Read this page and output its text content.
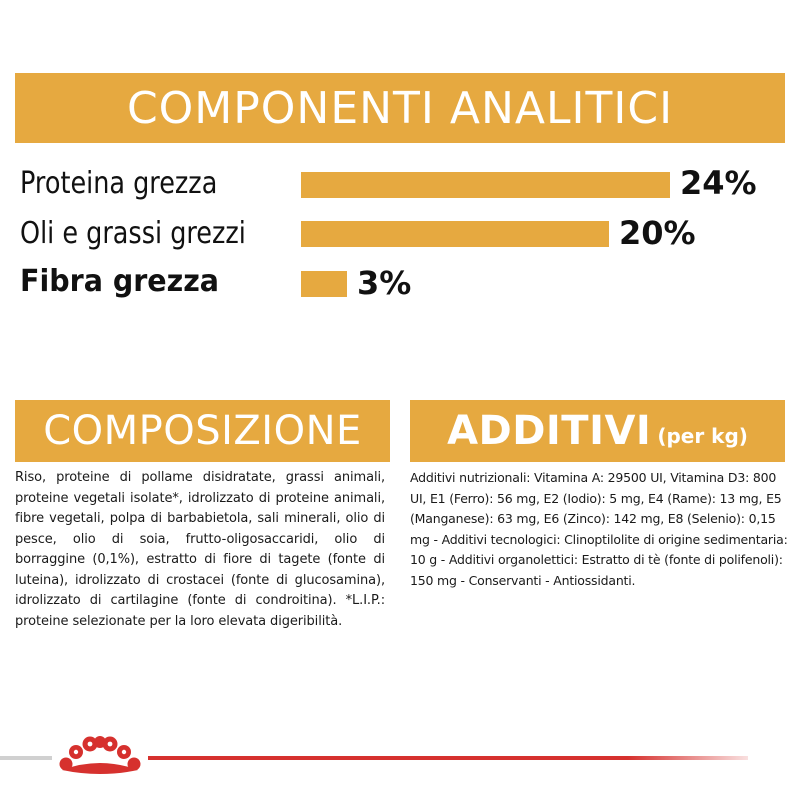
COMPONENTI ANALITICI
Proteina grezza	24%
Oli e grassi grezzi	20%
Fibra grezza	3%
COMPOSIZIONE
Riso, proteine di pollame disidratate, grassi animali, proteine vegetali isolate*, idrolizzato di proteine animali, fibre vegetali, polpa di barbabietola, sali minerali, olio di pesce, olio di soia, frutto-oligosaccaridi, olio di borraggine (0,1%), estratto di fiore di tagete (fonte di luteina), idrolizzato di crostacei (fonte di glucosamina), idrolizzato di cartilagine (fonte di condroitina). *L.I.P.: proteine selezionate per la loro elevata digeribilità.
ADDITIVI (per kg)
Additivi nutrizionali: Vitamina A: 29500 UI, Vitamina D3: 800 UI, E1 (Ferro): 56 mg, E2 (Iodio): 5 mg, E4 (Rame): 13 mg, E5 (Manganese): 63 mg, E6 (Zinco): 142 mg, E8 (Selenio): 0,15 mg - Additivi tecnologici: Clinoptilolite di origine sedimentaria: 10 g - Additivi organolettici: Estratto di tè (fonte di polifenoli): 150 mg - Conservanti - Antiossidanti.
